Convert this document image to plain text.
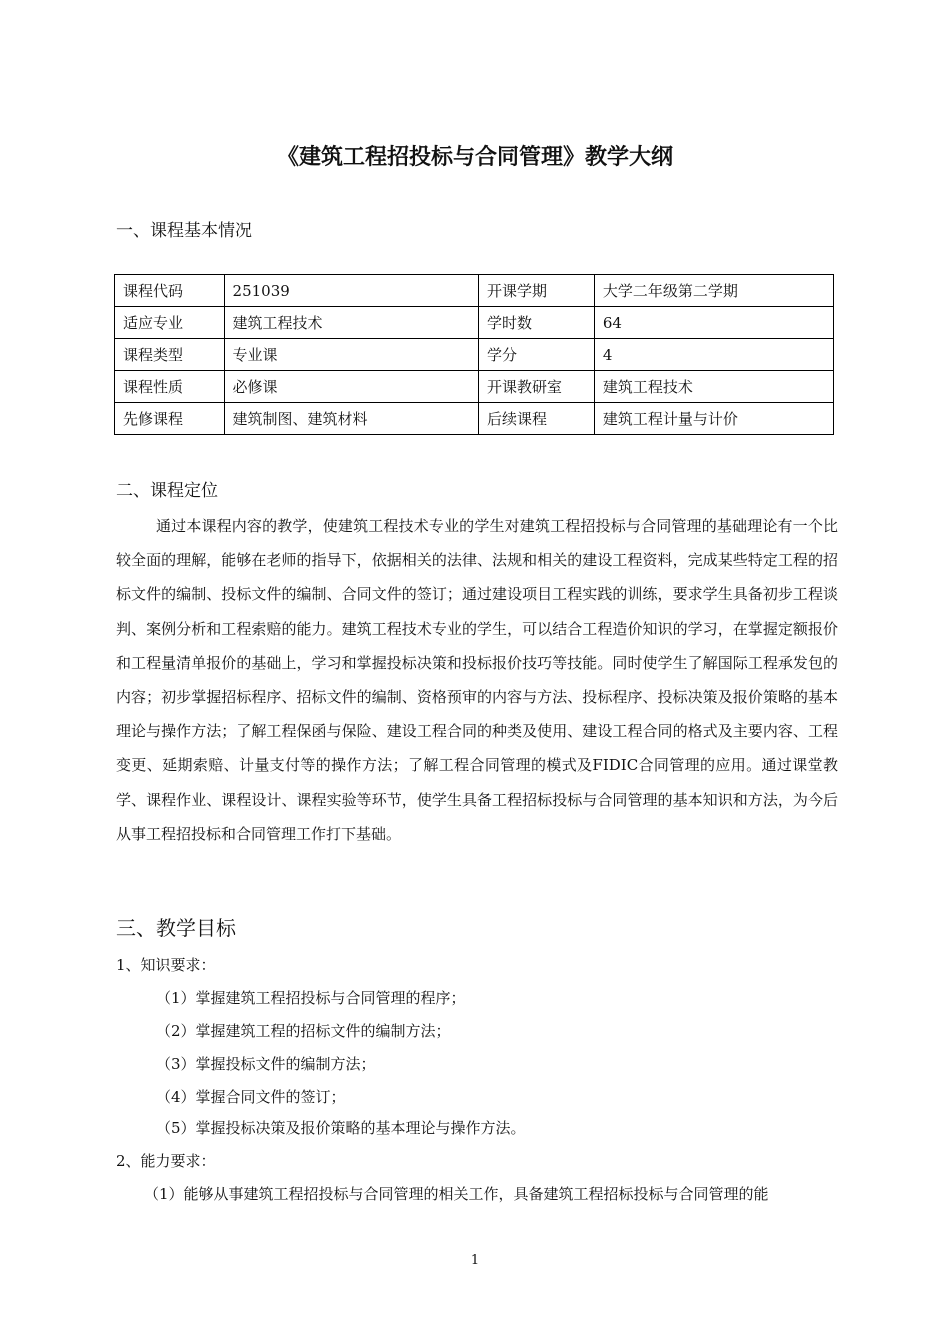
《建筑工程招投标与合同管理》教学大纲
一、课程基本情况
课程代码	251039	开课学期	大学二年级第二学期
适应专业	建筑工程技术	学时数	64
课程类型	专业课	学分	4
课程性质	必修课	开课教研室	建筑工程技术
先修课程	建筑制图、建筑材料	后续课程	建筑工程计量与计价
二、课程定位

通过本课程内容的教学，使建筑工程技术专业的学生对建筑工程招投标与合同管理的基础理论有一个比较全面的理解，能够在老师的指导下，依据相关的法律、法规和相关的建设工程资料，完成某些特定工程的招标文件的编制、投标文件的编制、合同文件的签订；通过建设项目工程实践的训练，要求学生具备初步工程谈判、案例分析和工程索赔的能力。建筑工程技术专业的学生，可以结合工程造价知识的学习，在掌握定额报价和工程量清单报价的基础上，学习和掌握投标决策和投标报价技巧等技能。同时使学生了解国际工程承发包的内容；初步掌握招标程序、招标文件的编制、资格预审的内容与方法、投标程序、投标决策及报价策略的基本理论与操作方法；了解工程保函与保险、建设工程合同的种类及使用、建设工程合同的格式及主要内容、工程变更、延期索赔、计量支付等的操作方法；了解工程合同管理的模式及FIDIC合同管理的应用。通过课堂教学、课程作业、课程设计、课程实验等环节，使学生具备工程招标投标与合同管理的基本知识和方法，为今后从事工程招投标和合同管理工作打下基础。

三、教学目标
1、知识要求：
（1）掌握建筑工程招投标与合同管理的程序；
（2）掌握建筑工程的招标文件的编制方法；
（3）掌握投标文件的编制方法；
（4）掌握合同文件的签订；
（5）掌握投标决策及报价策略的基本理论与操作方法。
2、能力要求：
（1）能够从事建筑工程招投标与合同管理的相关工作，具备建筑工程招标投标与合同管理的能
1
